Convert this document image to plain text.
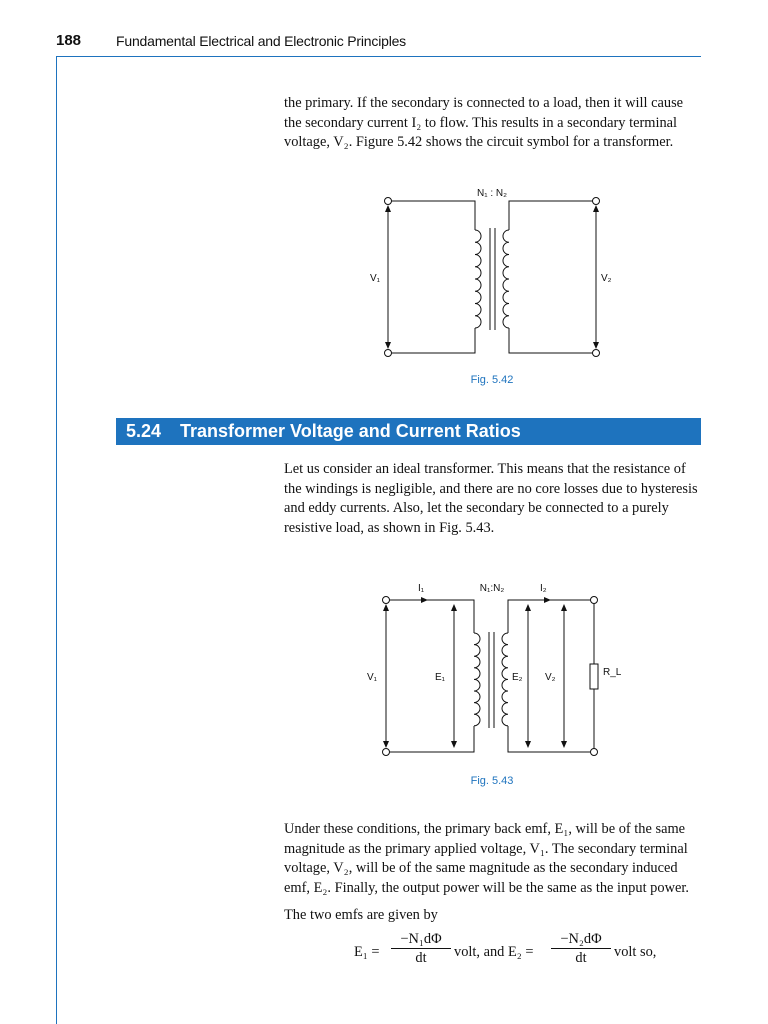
188 Fundamental Electrical and Electronic Principles

the primary. If the secondary is connected to a load, then it will cause the secondary current I₂ to flow. This results in a secondary terminal voltage, V₂. Figure 5.42 shows the circuit symbol for a transformer.

N₁ : N₂
V₁	V₂
Fig. 5.42
5.24 Transformer Voltage and Current Ratios

Let us consider an ideal transformer. This means that the resistance of the windings is negligible, and there are no core losses due to hysteresis and eddy currents. Also, let the secondary be connected to a purely resistive load, as shown in Fig. 5.43.

I₁	N₁:N₂	I₂
V₁	E₁	E₂ V₂	R_L
Fig. 5.43

Under these conditions, the primary back emf, E₁, will be of the same magnitude as the primary applied voltage, V₁. The secondary terminal voltage, V₂, will be of the same magnitude as the secondary induced emf, E₂. Finally, the output power will be the same as the input power.

The two emfs are given by

E₁ =
−N₁dΦ
dt	volt, and E₂ =
−N₂dΦ
dt	volt so,
